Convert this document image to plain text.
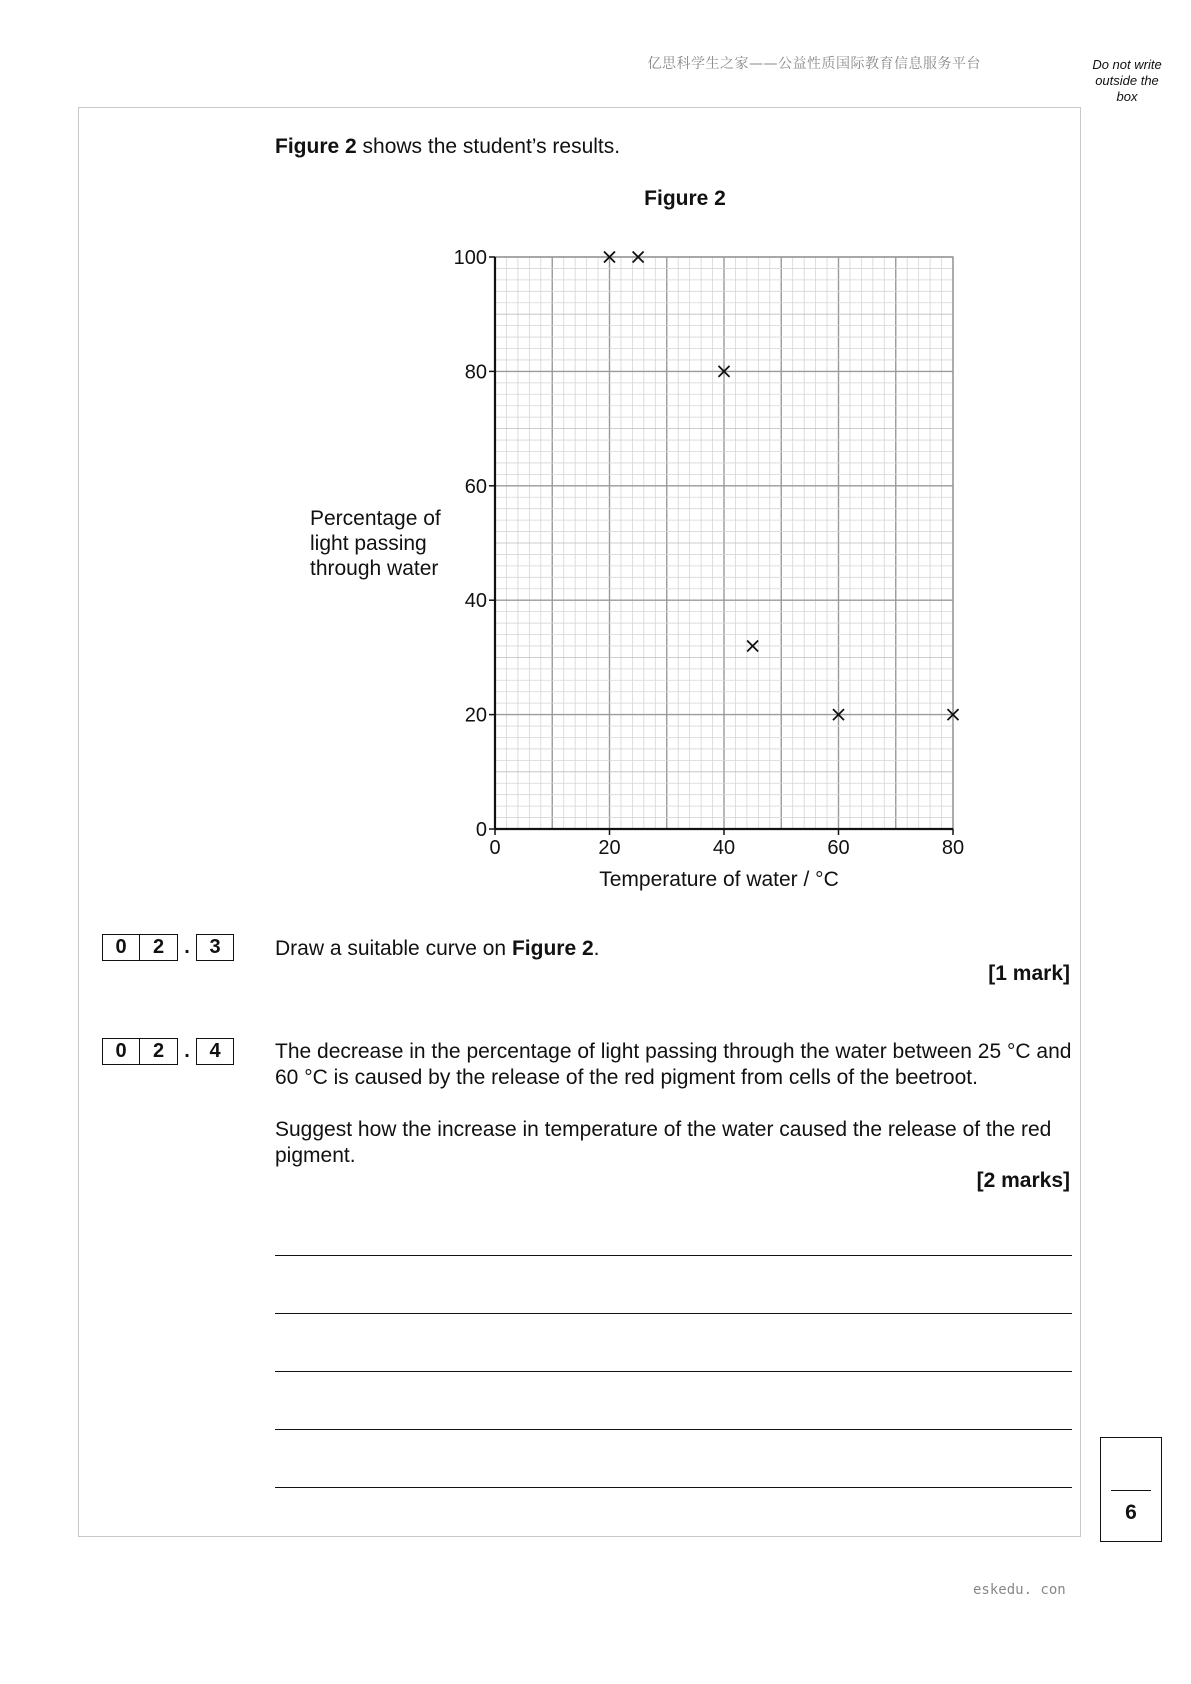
亿思科学生之家——公益性质国际教育信息服务平台	Do not write
outside the
box
Figure 2 shows the student’s results.
Figure 2
0
20
40
60
80
100
0	20	40	60	80
Temperature of water / °C
Percentage of
light passing
through water
0	2	. 3	Draw a suitable curve on Figure 2.
[1 mark]
0	2	. 4	The decrease in the percentage of light passing through the water between 25 °C and 60 °C is caused by the release of the red pigment from cells of the beetroot.
Suggest how the increase in temperature of the water caused the release of the red pigment.
[2 marks]
6
eskedu. con
